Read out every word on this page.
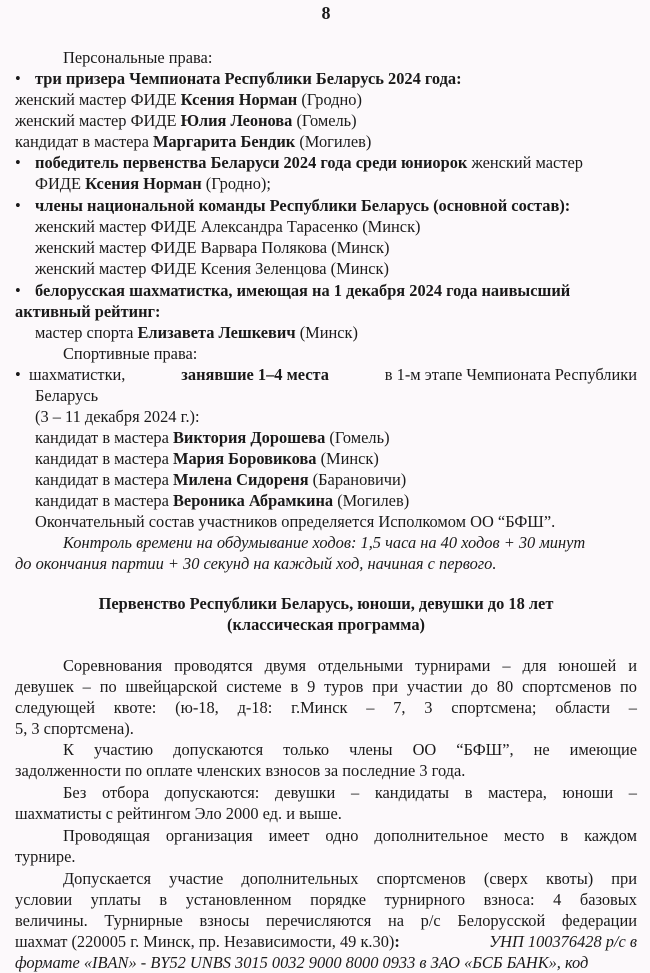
8
Персональные права:
• три призера Чемпионата Республики Беларусь 2024 года:
женский мастер ФИДЕ Ксения Норман (Гродно)
женский мастер ФИДЕ Юлия Леонова (Гомель)
кандидат в мастера Маргарита Бендик (Могилев)
• победитель первенства Беларуси 2024 года среди юниорок женский мастер
ФИДЕ Ксения Норман (Гродно);
• члены национальной команды Республики Беларусь (основной состав):
женский мастер ФИДЕ Александра Тарасенко (Минск)
женский мастер ФИДЕ Варвара Полякова (Минск)
женский мастер ФИДЕ Ксения Зеленцова (Минск)
• белорусская шахматистка, имеющая на 1 декабря 2024 года наивысший
активный рейтинг:
мастер спорта Елизавета Лешкевич (Минск)
Спортивные права:
• шахматистки,	занявшие 1–4 места	в 1-м этапе Чемпионата Республики
Беларусь
(3 – 11 декабря 2024 г.):
кандидат в мастера Виктория Дорошева (Гомель)
кандидат в мастера Мария Боровикова (Минск)
кандидат в мастера Милена Сидореня (Барановичи)
кандидат в мастера Вероника Абрамкина (Могилев)
Окончательный состав участников определяется Исполкомом ОО “БФШ”.
Контроль времени на обдумывание ходов: 1,5 часа на 40 ходов + 30 минут
до окончания партии + 30 секунд на каждый ход, начиная с первого.
Первенство Республики Беларусь, юноши, девушки до 18 лет
(классическая программа)
Соревнования проводятся двумя отдельными турнирами – для юношей и
девушек – по швейцарской системе в 9 туров при участии до 80 спортсменов по
следующей квоте: (ю-18, д-18: г.Минск – 7, 3 спортсмена; области –
5, 3 спортсмена).
К участию допускаются только члены ОО “БФШ”, не имеющие
задолженности по оплате членских взносов за последние 3 года.
Без отбора допускаются: девушки – кандидаты в мастера, юноши –
шахматисты с рейтингом Эло 2000 ед. и выше.
Проводящая организация имеет одно дополнительное место в каждом
турнире.
Допускается участие дополнительных спортсменов (сверх квоты) при
условии уплаты в установленном порядке турнирного взноса: 4 базовых
величины. Турнирные взносы перечисляются на р/с Белорусской федерации
шахмат (220005 г. Минск, пр. Независимости, 49 к.30):	УНП 100376428 р/с в
формате «IBAN» - BY52 UNBS 3015 0032 9000 8000 0933 в ЗАО «БСБ БАНК», код
